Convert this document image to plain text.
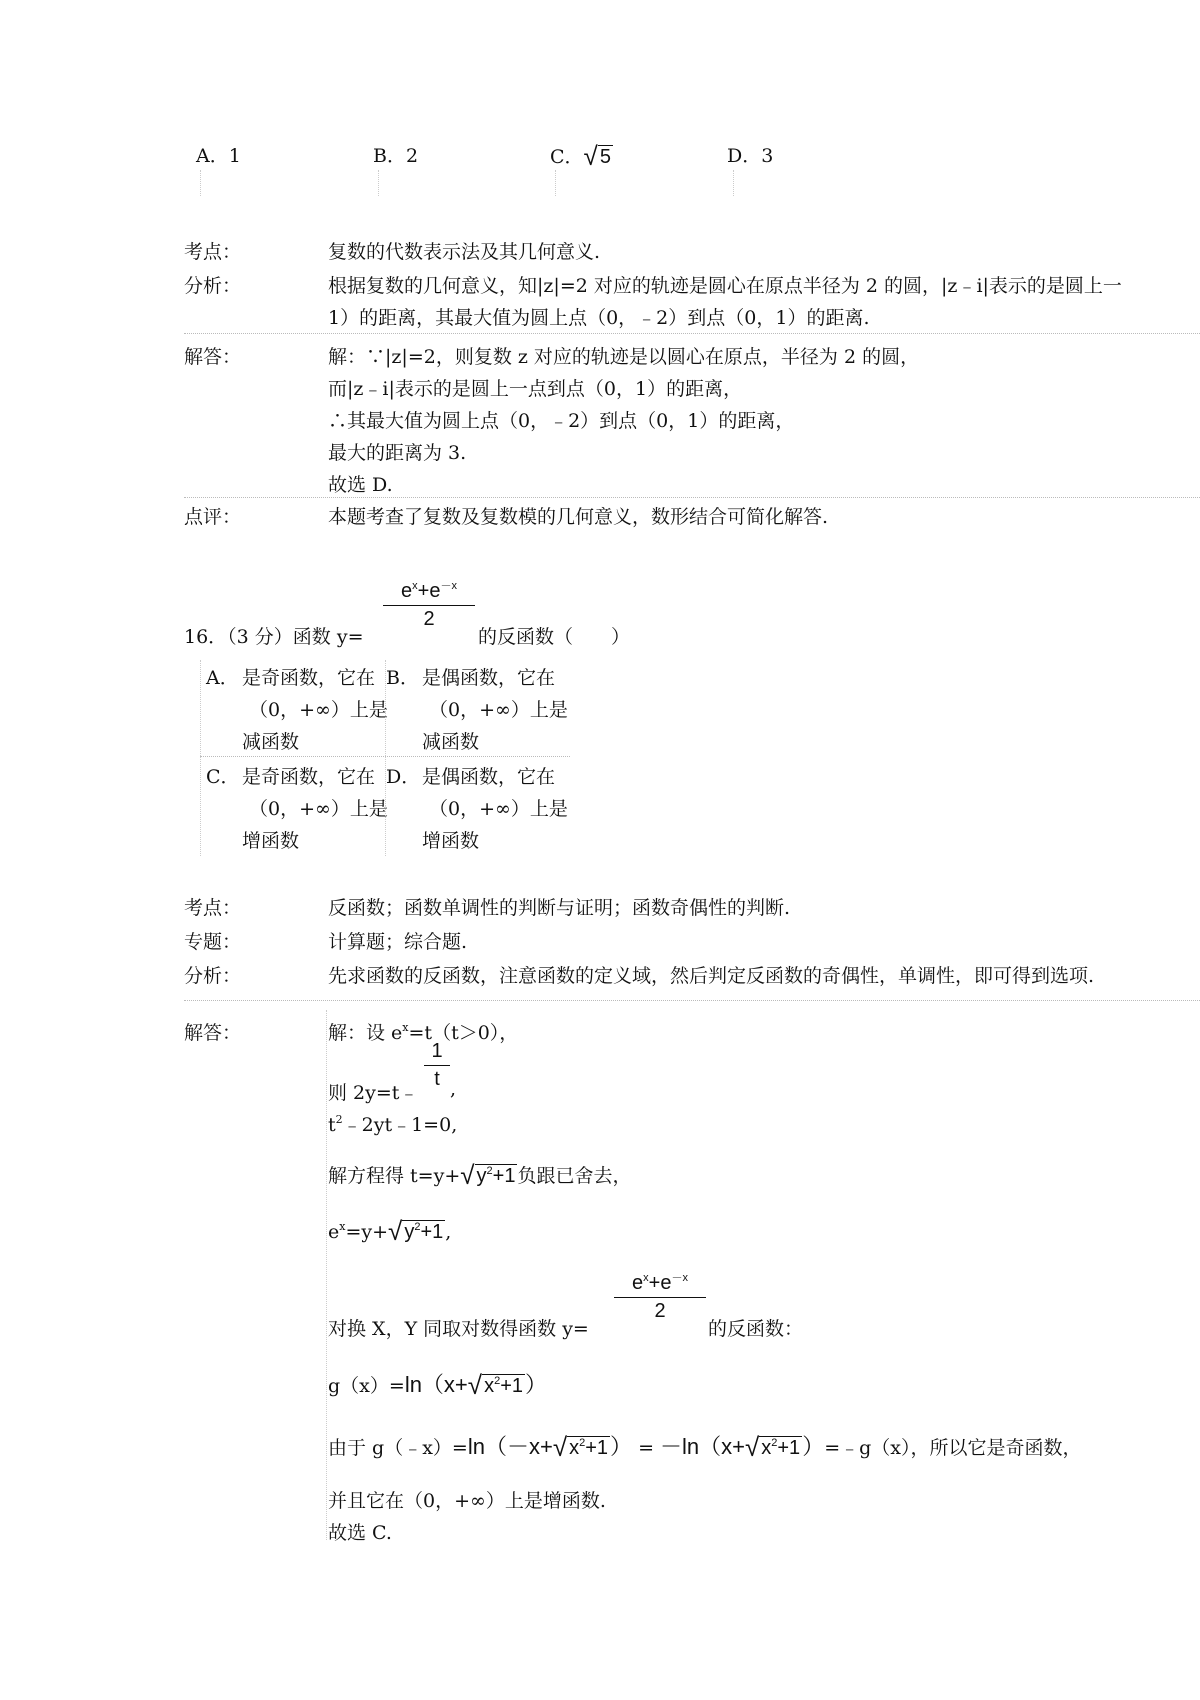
A．1	B．2	C．√ 5	D．3
考点：	复数的代数表示法及其几何意义.
分析：	根据复数的几何意义，知|z|=2 对应的轨迹是圆心在原点半径为 2 的圆，|z﹣i|表示的是圆上一
1）的距离，其最大值为圆上点（0，﹣2）到点（0，1）的距离.
解答：	解：∵|z|=2，则复数 z 对应的轨迹是以圆心在原点，半径为 2 的圆，
而|z﹣i|表示的是圆上一点到点（0，1）的距离，
∴其最大值为圆上点（0，﹣2）到点（0，1）的距离，
最大的距离为 3.
故选 D.
点评：	本题考查了复数及复数模的几何意义，数形结合可简化解答.
16．（3 分）函数 y=
$e^x+e^{-x}$
2
的反函数（　　）
A． 是奇函数，它在
（0，+∞）上是
减函数
B． 是偶函数，它在
（0，+∞）上是
减函数
C． 是奇函数，它在
（0，+∞）上是
增函数
D． 是偶函数，它在
（0，+∞）上是
增函数
考点：	反函数；函数单调性的判断与证明；函数奇偶性的判断.
专题：	计算题；综合题.
分析：	先求函数的反函数，注意函数的定义域，然后判定反函数的奇偶性，单调性，即可得到选项.
解答：	解：设 $e^x=t(t>0)$，
则 2y=t﹣
1
t ,
$t^2﹣2yt﹣1=0$,
解方程得 t=y+√ $y^2+1$ 负跟已舍去，
$e^x=y+√$ $y^2+1$ ,
对换 X，Y 同取对数得函数 y=
$e^x+e^{-x}$
2
的反函数：
g（x）=ln（x+√ $x^2+1$）
由于 g（﹣x）=ln（－x+√ $x^2+1) = -\ln(x+√$ $x^2+1)=﹣g(x)$，所以它是奇函数，
并且它在（0，+∞）上是增函数.
故选 C.
